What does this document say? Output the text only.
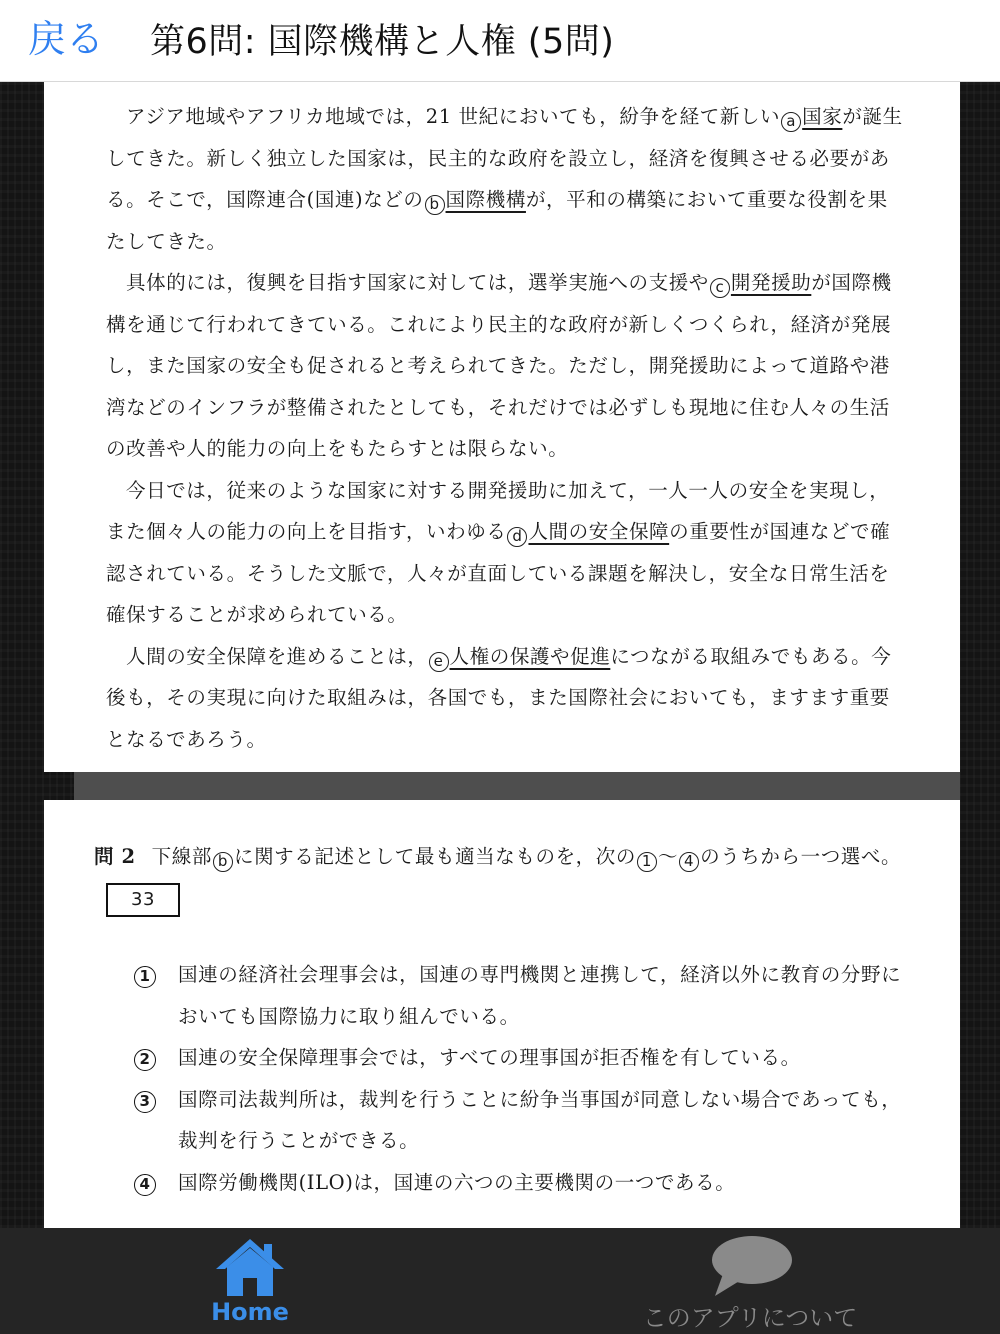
戻る 第6問: 国際機構と人権 (5問)
アジア地域やアフリカ地域では，21 世紀においても，紛争を経て新しい a 国家が誕生してきた。新しく独立した国家は，民主的な政府を設立し，経済を復興させる必要がある。そこで，国際連合(国連)などの b 国際機構が，平和の構築において重要な役割を果たしてきた。
具体的には，復興を目指す国家に対しては，選挙実施への支援や c 開発援助が国際機構を通じて行われてきている。これにより民主的な政府が新しくつくられ，経済が発展し，また国家の安全も促されると考えられてきた。ただし，開発援助によって道路や港湾などのインフラが整備されたとしても，それだけでは必ずしも現地に住む人々の生活の改善や人的能力の向上をもたらすとは限らない。
今日では，従来のような国家に対する開発援助に加えて，一人一人の安全を実現し，また個々人の能力の向上を目指す，いわゆる d 人間の安全保障の重要性が国連などで確認されている。そうした文脈で，人々が直面している課題を解決し，安全な日常生活を確保することが求められている。
人間の安全保障を進めることは， e 人権の保護や促進につながる取組みでもある。今後も，その実現に向けた取組みは，各国でも，また国際社会においても，ますます重要となるであろう。
問 2 下線部 b に関する記述として最も適当なものを，次の 1 ～ 4 のうちから一つ選べ。33
1	国連の経済社会理事会は，国連の専門機関と連携して，経済以外に教育の分野においても国際協力に取り組んでいる。
2	国連の安全保障理事会では，すべての理事国が拒否権を有している。
3	国際司法裁判所は，裁判を行うことに紛争当事国が同意しない場合であっても，裁判を行うことができる。
4	国際労働機関(ILO)は，国連の六つの主要機関の一つである。
Home	このアプリについて
